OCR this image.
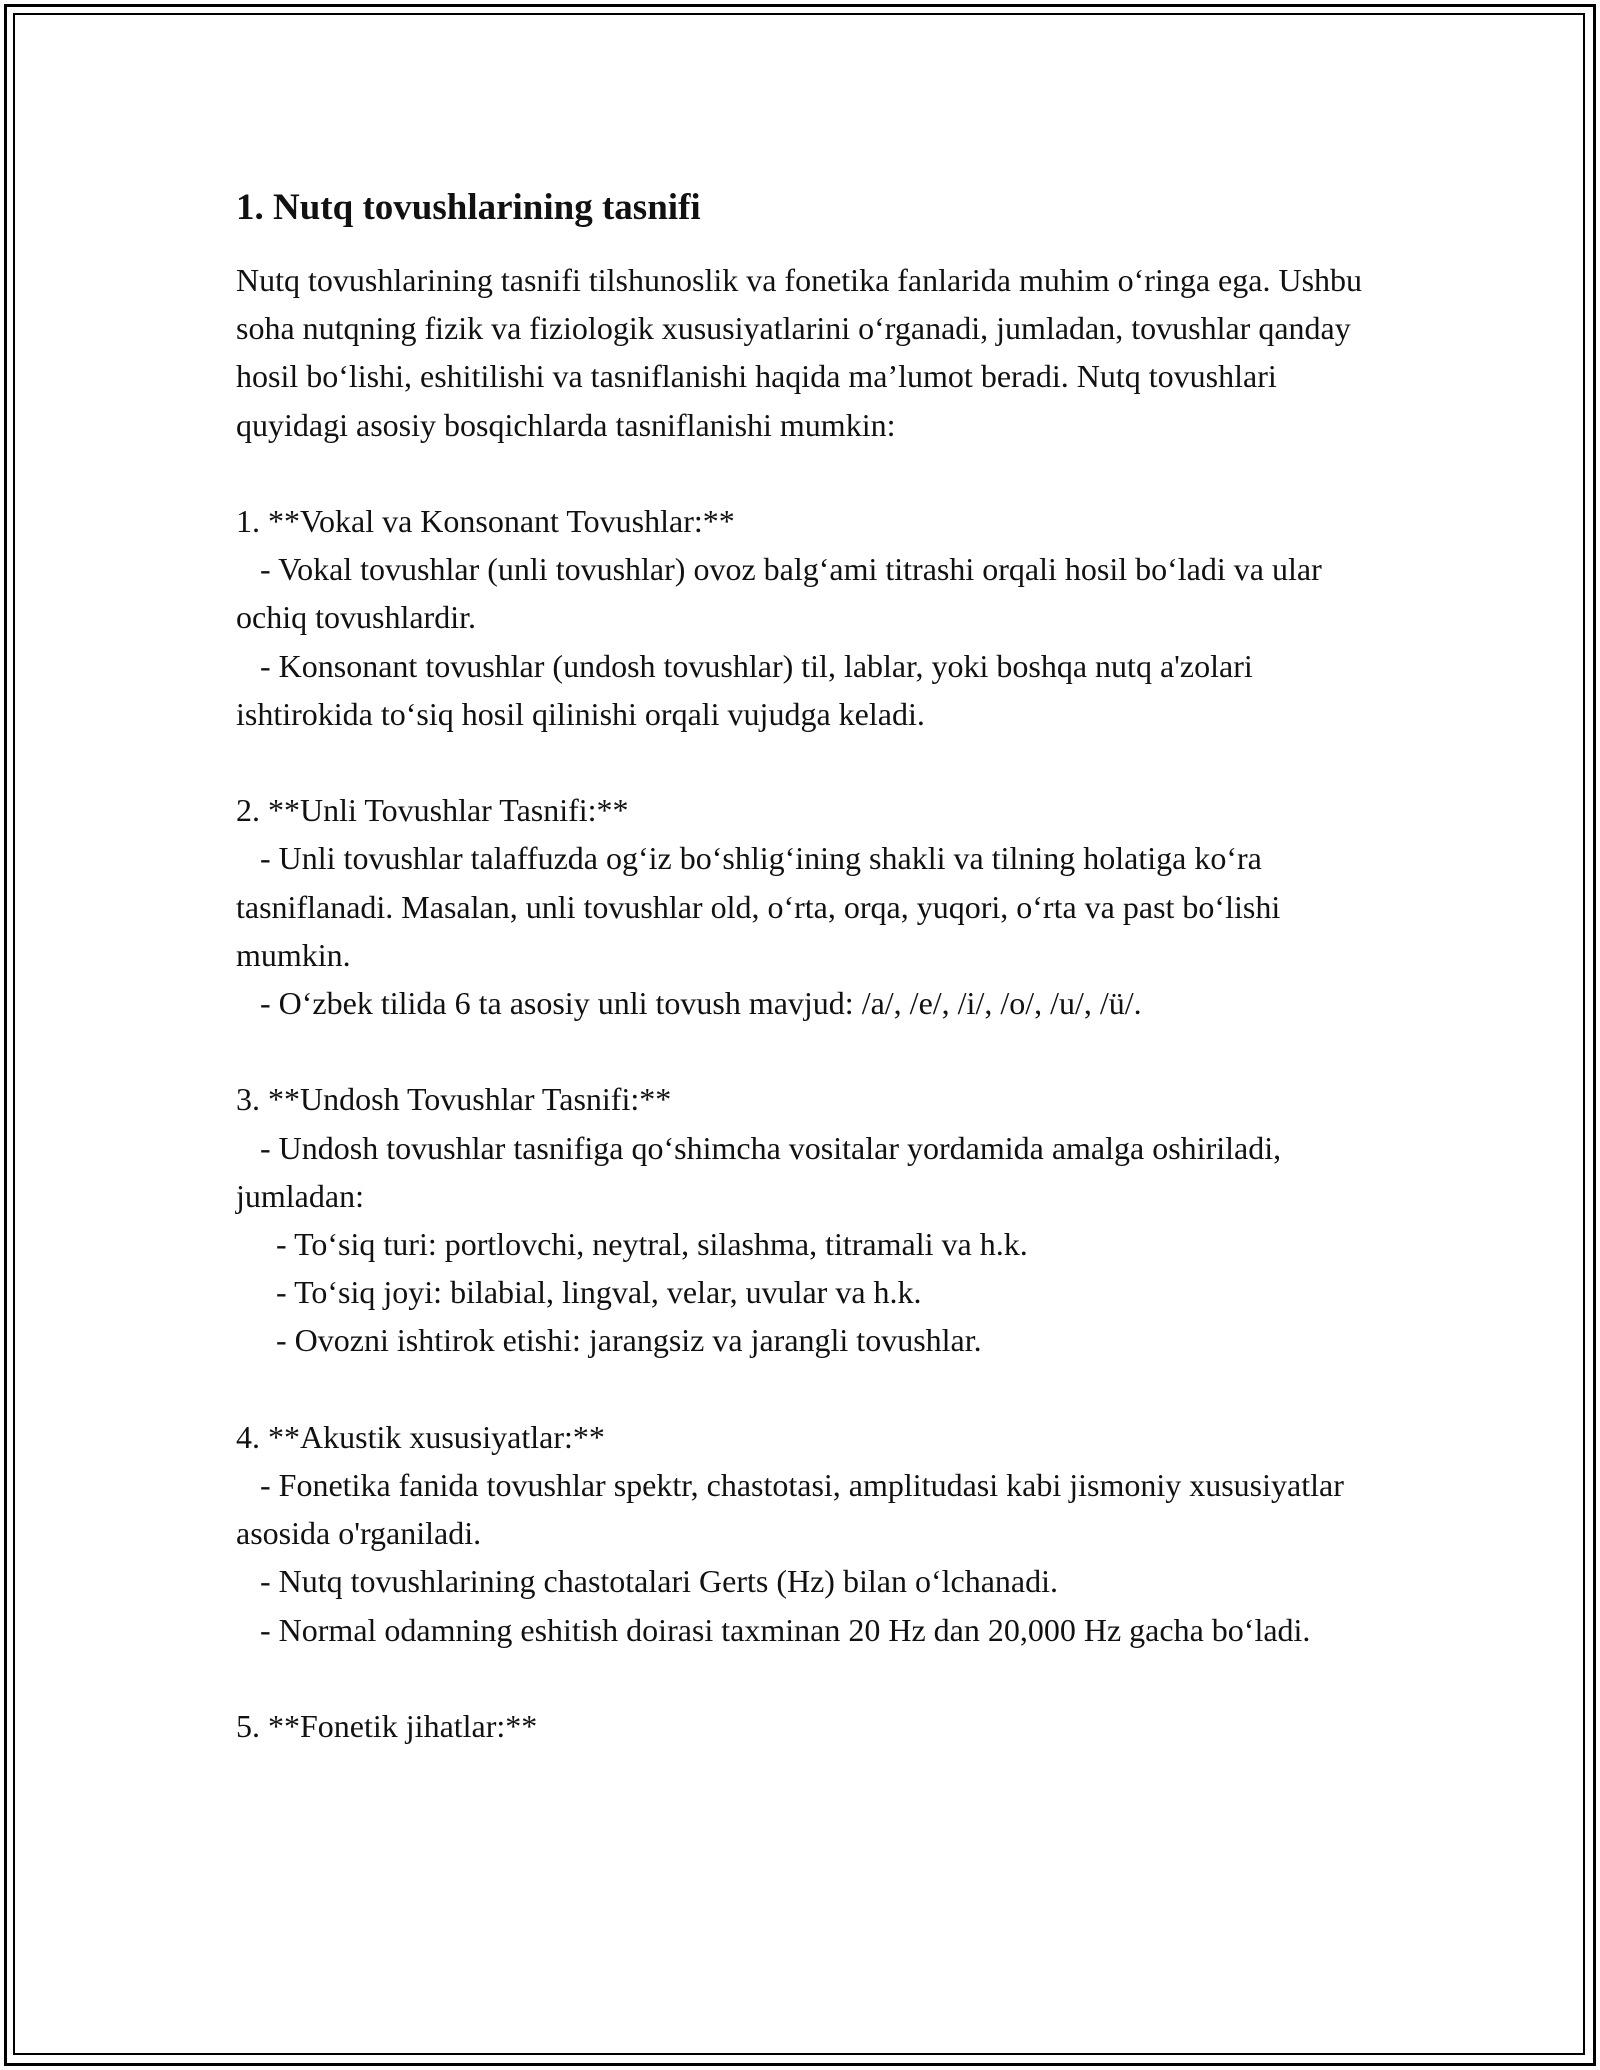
1. Nutq tovushlarining tasnifi

Nutq tovushlarining tasnifi tilshunoslik va fonetika fanlarida muhim o‘ringa ega. Ushbu soha nutqning fizik va fiziologik xususiyatlarini o‘rganadi, jumladan, tovushlar qanday hosil bo‘lishi, eshitilishi va tasniflanishi haqida ma’lumot beradi. Nutq tovushlari quyidagi asosiy bosqichlarda tasniflanishi mumkin:

1. **Vokal va Konsonant Tovushlar:**

- Vokal tovushlar (unli tovushlar) ovoz balg‘ami titrashi orqali hosil bo‘ladi va ular ochiq tovushlardir.

- Konsonant tovushlar (undosh tovushlar) til, lablar, yoki boshqa nutq a'zolari ishtirokida to‘siq hosil qilinishi orqali vujudga keladi.

2. **Unli Tovushlar Tasnifi:**

- Unli tovushlar talaffuzda og‘iz bo‘shlig‘ining shakli va tilning holatiga ko‘ra tasniflanadi. Masalan, unli tovushlar old, o‘rta, orqa, yuqori, o‘rta va past bo‘lishi mumkin.

- O‘zbek tilida 6 ta asosiy unli tovush mavjud: /a/, /e/, /i/, /o/, /u/, /ü/.

3. **Undosh Tovushlar Tasnifi:**

- Undosh tovushlar tasnifiga qo‘shimcha vositalar yordamida amalga oshiriladi, jumladan:

- To‘siq turi: portlovchi, neytral, silashma, titramali va h.k.

- To‘siq joyi: bilabial, lingval, velar, uvular va h.k.

- Ovozni ishtirok etishi: jarangsiz va jarangli tovushlar.

4. **Akustik xususiyatlar:**

- Fonetika fanida tovushlar spektr, chastotasi, amplitudasi kabi jismoniy xususiyatlar asosida o'rganiladi.

- Nutq tovushlarining chastotalari Gerts (Hz) bilan o‘lchanadi.

- Normal odamning eshitish doirasi taxminan 20 Hz dan 20,000 Hz gacha bo‘ladi.

5. **Fonetik jihatlar:**
